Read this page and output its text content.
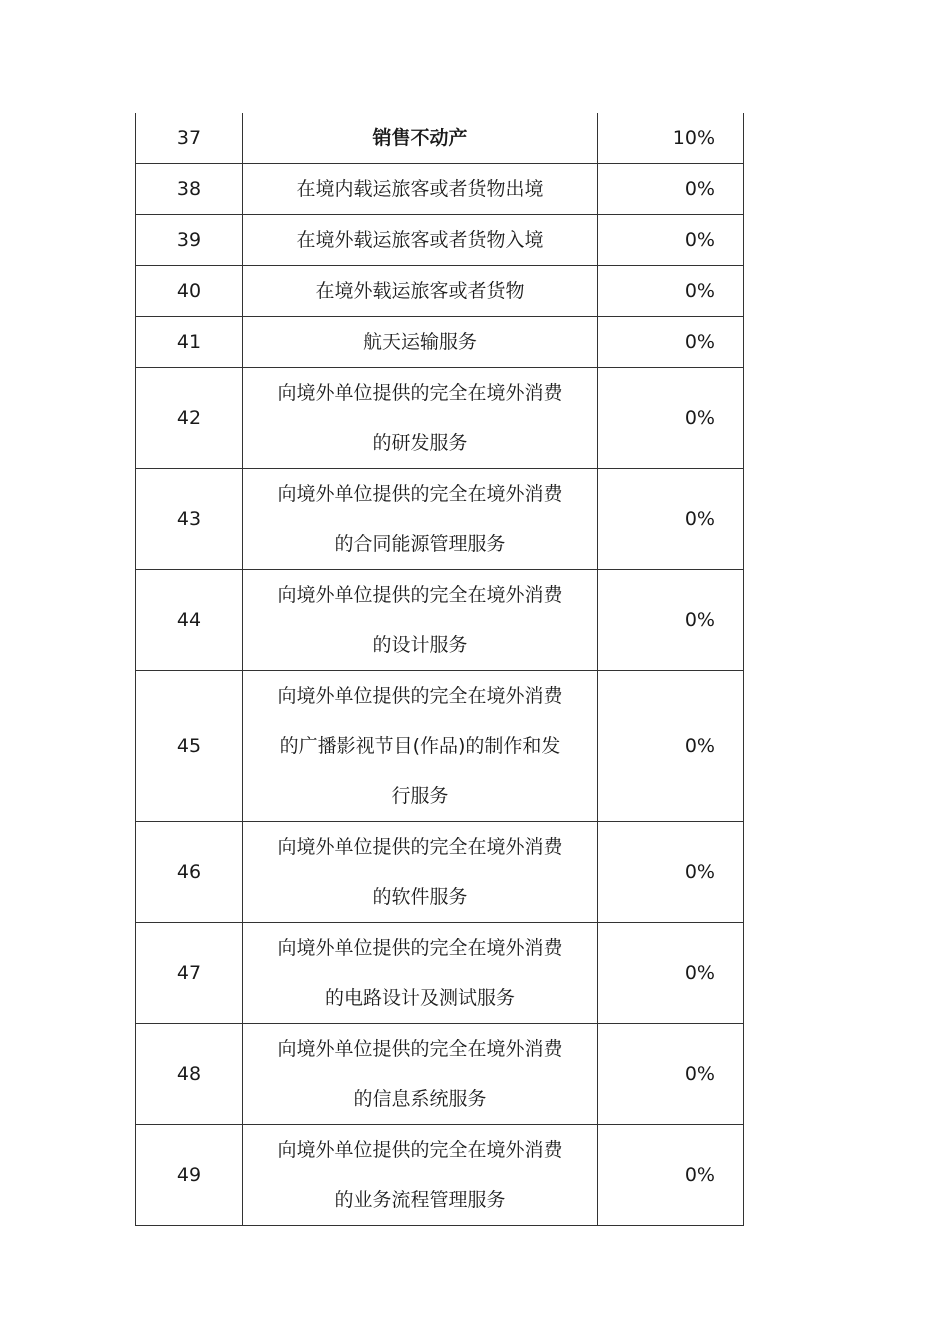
37	销售不动产	10%
38	在境内载运旅客或者货物出境	0%
39	在境外载运旅客或者货物入境	0%
40	在境外载运旅客或者货物	0%
41	航天运输服务	0%
42	向境外单位提供的完全在境外消费
的研发服务	0%
43	向境外单位提供的完全在境外消费
的合同能源管理服务	0%
44	向境外单位提供的完全在境外消费
的设计服务	0%
45	向境外单位提供的完全在境外消费
的广播影视节目(作品)的制作和发
行服务	0%
46	向境外单位提供的完全在境外消费
的软件服务	0%
47	向境外单位提供的完全在境外消费
的电路设计及测试服务	0%
48	向境外单位提供的完全在境外消费
的信息系统服务	0%
49	向境外单位提供的完全在境外消费
的业务流程管理服务	0%
